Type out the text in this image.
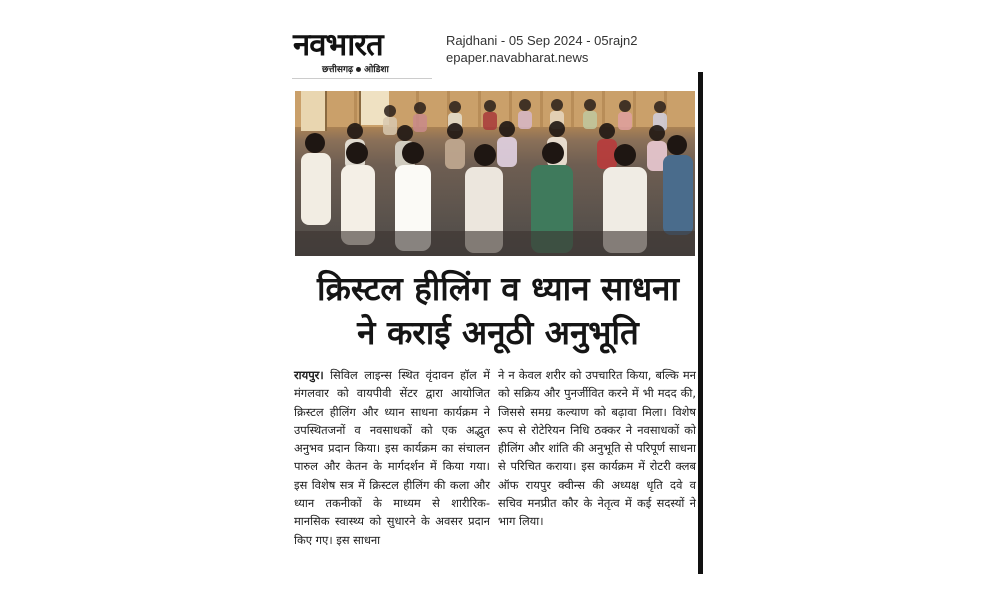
नवभारत
छत्तीसगढ़ ओडिशा
Rajdhani - 05 Sep 2024 - 05rajn2
epaper.navabharat.news
क्रिस्टल हीलिंग व ध्यान साधना
ने कराई अनूठी अनुभूति
रायपुर। सिविल लाइन्स स्थित वृंदावन हॉल में मंगलवार को वायपीवी सेंटर द्वारा आयोजित क्रिस्टल हीलिंग और ध्यान साधना कार्यक्रम ने उपस्थितजनों व नवसाधकों को एक अद्भुत अनुभव प्रदान किया। इस कार्यक्रम का संचालन पारुल और केतन के मार्गदर्शन में किया गया। इस विशेष सत्र में क्रिस्टल हीलिंग की कला और ध्यान तकनीकों के माध्यम से शारीरिक- मानसिक स्वास्थ्य को सुधारने के अवसर प्रदान किए गए। इस साधना
ने न केवल शरीर को उपचारित किया, बल्कि मन को सक्रिय और पुनर्जीवित करने में भी मदद की, जिससे समग्र कल्याण को बढ़ावा मिला। विशेष रूप से रोटेरियन निधि ठक्कर ने नवसाधकों को हीलिंग और शांति की अनुभूति से परिपूर्ण साधना से परिचित कराया। इस कार्यक्रम में रोटरी क्लब ऑफ रायपुर क्वीन्स की अध्यक्ष धृति दवे व सचिव मनप्रीत कौर के नेतृत्व में कई सदस्यों ने भाग लिया।
